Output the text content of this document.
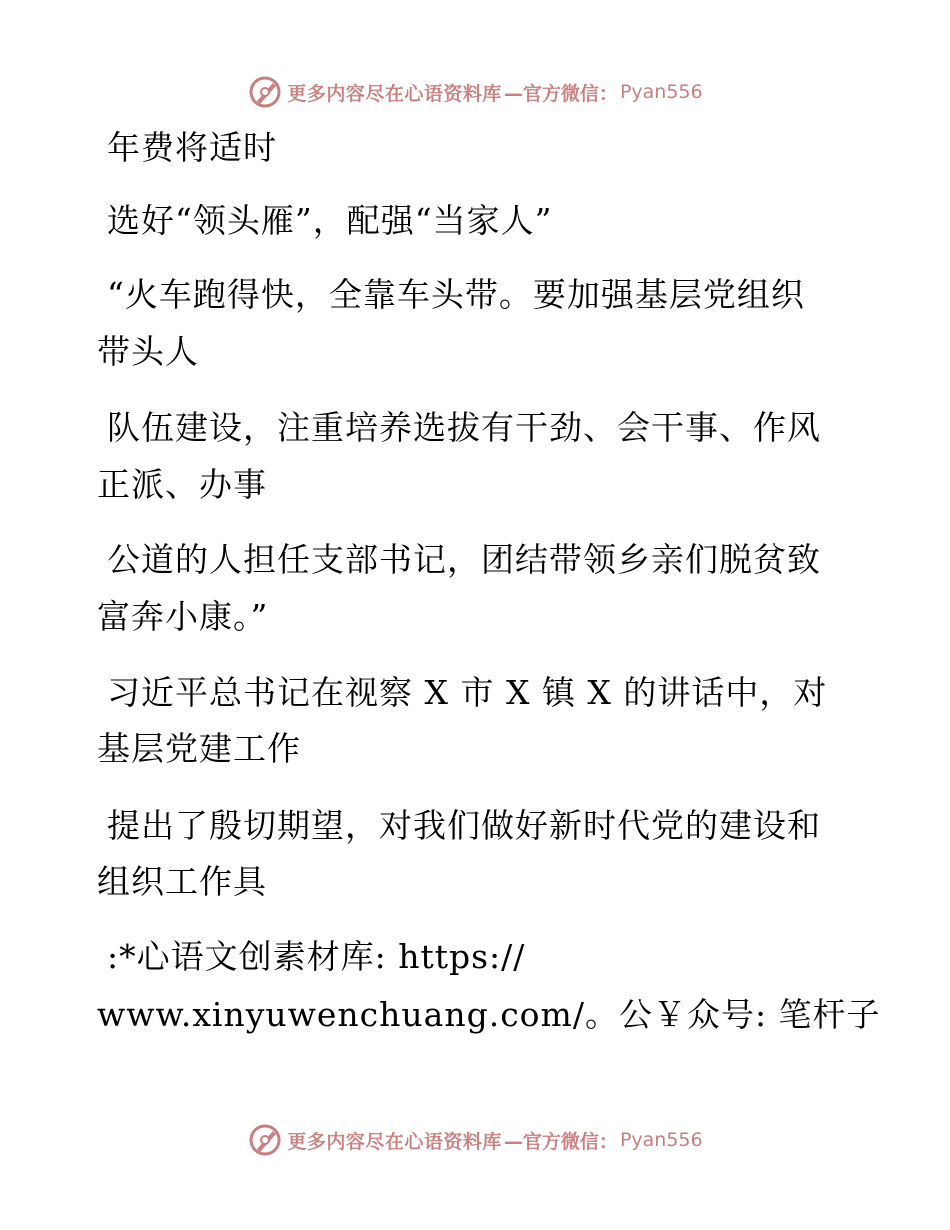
更多内容尽在心语资料库 —官方微信： Pyan556
年费将适时
选好“领头雁”，配强“当家人”
“火车跑得快，全靠车头带。要加强基层党组织
带头人
队伍建设，注重培养选拔有干劲、会干事、作风
正派、办事
公道的人担任支部书记，团结带领乡亲们脱贫致
富奔小康。”
习近平总书记在视察 X 市 X 镇 X 的讲话中，对
基层党建工作
提出了殷切期望，对我们做好新时代党的建设和
组织工作具
:*心语文创素材库: https://
www.xinyuwenchuang.com/。公￥众号: 笔杆子
更多内容尽在心语资料库 —官方微信： Pyan556
